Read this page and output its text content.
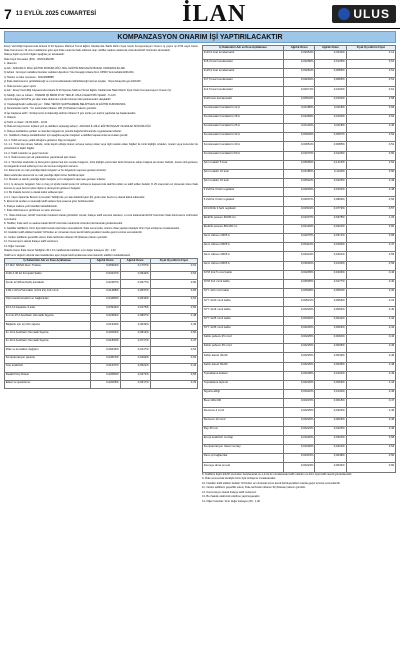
7 13 EYLÜL 2025 CUMARTESİ	İLAN	ULUS
KOMPANZASYON ONARIM İŞİ YAPTIRILACAKTIR

Enerji Verimliliği Kapsamında Ankara İli 29 Species Mahmut Temel Eğitim Okullarında Talebi Rehin Fiyat Usulü Kompanzasyon Onarım İş yapım işi 4734 sayılı Kamu İhale Kanununun 19 uncu maddesine göre açık ihale usulü ile ihale edilecek olup, teklifler sadece elektronik ortamda EKAP üzerinden alınacaktır.

İhaleye ilişkin ayrıntılı bilgiler aşağıda yer almaktadır:

İhale Kayıt Numarası (İKN) : 2025/1482208

1- İdarenin

a) Adı : ANKARA İL MİLLİ EĞİTİM MÜDÜRLÜĞÜ- MİLLİ EĞİTİM BAKANLIĞI BAKAN YARDIMCILIKLARI

b) Adresi : Emniyet mahallesi Gazeler caddesi Hipodrom Yolu Kavşağı Ankara No:1 06560 Yenimahalle/ANKARA

c) Telefon ve faks numarası : 03122068888

ç) İhale dokümanının görülebileceği ve e-imza kullanılarak indirilebileceği internet sayfası : https://ekap.kik.gov.tr/EKAP/

2- İhale konusu yapım işinin

a) Adı : Enerji Verimliliği Kapsamında Ankara İli 29 Species Mahmut Temel Eğitim Okullarında Talebi Rehin Fiyat Usulü Kompanzasyon Onarım İşi

b) Niteliği, türü ve miktarı : ÖNARIM İŞİ BİRİM FİYAT TEKLİF USULÜ ELEKTRİK İŞLERİ - % 100

Ayrıntılı bilgiye EKAP'ta yer alan ihale dokümanı içinde bulunan idari şartnameden ulaşılabilir.

c) Yapılacağı/teslim edileceği yer : ÖZEL TEKNİK ŞARTNAMEDE BELİRTİLEN 42 EĞİTİM KURUMUNDA

ç) Süresi/teslim tarihi : Yer tesliminden itibaren 180 (YüzSeksen) takvim günüdür.

d) İşe başlama tarihi : Sözleşmenin imzalandığı tarihten itibaren 5 gün içinde yer teslimi yapılarak işe başlanacaktır.

3- İhalenin

a) Tarihi ve Saati : 29.09.2025 - 10:00

b) İhale komisyonunun toplantı yeri (e-tekliflerin açılacağı adres) : ANKARA İL MİLLİ EĞİTİM İNŞAAT VE EMLAK MÜDÜRLÜĞÜ

4- İhaleye katılabilme şartları ve istenilen belgeler ile yeterlik değerlendirmesinde uygulanacak kriterler:

4.1. İsteklilerin ihaleye katılabilmeleri için aşağıda sayılan belgeleri e-teklifleri kapsamında sunmaları gerekir:

4.1.1. Teklif vermeye yetkili olduğunu gösteren bilgi ve belgeler;

4.1.1.1. Tüzel kişi olması halinde, sicile kayıtlı olduğu ticaret ve/veya sanayi odası veya ilgili meslek odası bilgileri ile tüzel kişiliğin ortakları, üyeleri veya kurucuları ile yöneticilerine ilişkin bilgiler

4.1.2. Teklif mektubu ve geçici teminat.

4.1.3. İhale konusu işte alt yüklenicilere yaptırılacak işler listesi.

4.1.4. Tüzel kişi tarafından iş deneyimini göstermek için sunulan belgenin, tüzel kişiliğin yarısından fazla hissesine sahip ortağına ait olması halinde, ticaret sicil gazetesi, bu belgelerle tevsik edilemiyor ise söz konusu belgelerin tamamı.

4.2. Ekonomik ve mali yeterliğe ilişkin belgeler ve bu belgelerin taşıması gereken kriterler:

İdare tarafından ekonomik ve mali yeterliğe ilişkin kriter belirtilmemiştir.

4.3. Mesleki ve teknik yeterliğe ilişkin belgeler ve bu belgelerin taşıması gereken kriterler:

4.3.1. İş deneyim belgeleri: Son on beş yıl içinde bedel içeren bir sözleşme kapsamında taahhüt edilen ve teklif edilen bedelin % 25 oranından az olmamak üzere ihale konusu iş veya benzer işlere ilişkin iş deneyimini gösteren belgeler.

4.4. Bu ihalede benzer iş olarak kabul edilecek işler:

4.4.1. Yapım İşlerinde Benzer İş Grupları Tebliği'nde yer alan Elektrik İşleri (D) grubu işler benzer iş olarak kabul edilecektir.

5. Ekonomik açıdan en avantajlı teklif sadece fiyat esasına göre belirlenecektir.

6. İhaleye sadece yerli istekliler katılabilecektir.

7. İhale dokümanının görülmesi ve satın alınması:

7.1. İhale dokümanı, EKAP üzerinden bedelsiz olarak görülebilir. Ancak, ihaleye teklif verecek olanların, e-imza kullanarak EKAP üzerinden ihale dokümanını indirmeleri zorunludur.

8. Teklifler, ihale tarih ve saatine kadar EKAP üzerinden elektronik ortamda hazırlanarak gönderilecektir.

9. İstekliler tekliflerini, birim fiyat teklif cetveli üzerinden vereceklerdir. İhale sonucunda, üzerine ihale yapılan istekliyle birim fiyat sözleşme imzalanacaktır.

10. İstekliler teklif ettikleri bedelin %3'ünden az olmamak üzere kendi belirleyecekleri tutarda geçici teminat vereceklerdir.

11. Verilen tekliflerin geçerlilik süresi, ihale tarihinden itibaren 90 (Doksan) takvim günüdür.

12. Konsorsiyum olarak ihaleye teklif verilemez.

13. Diğer hususlar:

İhalede Kamu İhale Genel Tebliğinin 45.1.13 maddesinde belirtilen sınır değer katsayısı (R) : 1,00

Teklifi sınır değerin altında olan isteklilerden aşırı düşük teklif açıklaması istenmeksizin teklifleri reddedilecektir.

İş Kaleminin Adı ve Kısa Açıklaması	Ağırlık Oranı	Ağırlık Oranı	Fiyat Oyu Birim Fiyat
17-3kV, 600VA Akım Trafosu	0,06992%	0,1707%	0,51
2x20 A 40 kA Kompakt Şalter	0,03447%	0,0942%	0,54
Konik 12 (Rheinhold) kontaktör	0,02487%	0,0977%	0,50
3,80-1,00 kV'luk kablo (0,6/1 kV) 4x6 mm2	0,01488%	0,0537%	0,65
Ölçü transformatörü ve bağlantıları	0,04480%	0,0643%	0,54
16 A 'lık kapasite 3 adet	0,03944%	0,1075%	0,50
4x Isık 25 A Anahtarlı Otomatik Sigorta	0,02384%	0,0807%	0,48
Bağlantı için üç fazlı sigorta	0,01940%	0,0633%	0,46
4x 10 A Anahtarlı Otomatik Sigorta	0,02094%	0,0813%	0,50
4x 40 A Anahtarlı Otomatik Sigorta	0,01830%	0,0717%	0,47
Röle ve kontaktör değişimi	0,06645%	0,1017%	0,54
Kompanzasyon panosu	0,04510%	0,0463%	0,62
Güç analizörü	0,01547%	0,0521%	0,44
Reaktif Güç Rölesi	0,02080%	0,0471%	0,55
Etiket ve işaretleme	0,02095%	0,0617%	0,33
İş Kaleminin Adı ve Kısa Açıklaması	Ağırlık Oranı	Ağırlık Oranı	Fiyat Oyu Birim Fiyat
3x10,0 kvar kondansatör	0,02654%	0,3240%	3,12
3x5,0 kvar kondansatör	0,00268%	0,0135%	0,51
3x15,0 kvar kondansatör	0,00281%	0,0085%	0,51
3x7,5 kvar kondansatör	0,00294%	0,0085%	0,51
3x2,5 kvar kondansatör	0,00271%	0,0130%	0,61
3x20 kvar kondansatör	0,00524%	0,0130%	0,58
Kondansatör kontaktörü 12 A	0,01185%	0,0118%	0,66
Kondansatör kontaktörü 18 A	0,01069%	0,0130%	0,52
Kondansatör kontaktörü 25 A	0,01102%	0,0118%	0,46
Kondansatör kontaktörü 32 A	0,00929%	0,0087%	0,52
Kondansatör kontaktörü 40 A	0,00951%	0,0085%	0,51
Kondansatör kontaktörü 50 A	0,01070%	0,0126%	0,50
Şönt reaktör 5 kvar	0,06665%	0,1215%	0,52
Şönt reaktör 10 kvar	0,03185%	0,1130%	0,50
Şönt reaktör 15 kvar	0,00522%	0,0126%	0,49
3 kVA'lık 3 fazlı regülatör	0,00294%	0,0163%	0,48
5 kVA'lık 3 fazlı regülatör	0,02507%	0,0806%	0,56
10 kVA'lık 3 fazlı regülatör	0,02501%	0,0779%	0,57
Elektrik panosu 60x80 cm	0,01037%	0,0378%	1,33
Elektrik panosu 80x100 cm	0,02120%	0,0220%	0,60
Akım trafosu 100/5 A	0,02075%	0,0371%	0,95
Akım trafosu 200/5 A	0,00421%	0,0160%	0,47
Akım trafosu 400/5 A	0,02024%	0,0201%	0,56
Akım trafosu 600/5 A	0,03040%	0,1030%	0,56
NYM 3x2,5 mm2 kablo	0,00295%	0,0206%	0,46
NYM 3x4 mm2 kablo	0,00505%	0,0177%	0,40
NYY 4x6 mm2 kablo	0,00528%	0,0050%	0,30
NYY 4x10 mm2 kablo	0,00521%	0,0056%	0,31
NYY 4x16 mm2 kablo	0,00226%	0,0054%	0,40
NYY 4x25 mm2 kablo	0,00346%	0,0042%	0,42
NYY 4x35 mm2 kablo	0,00246%	0,0063%	0,42
Kablo pabucu 25 mm2	0,00225%	0,0094%	0,43
Kablo pabucu 35 mm2	0,00225%	0,0095%	0,46
Kablo kanalı 40x40	0,00225%	0,0049%	0,46
Kablo kanalı 60x60	0,00226%	0,0035%	0,48
Topraklama iletkeni	0,00228%	0,0124%	0,49
Topraklama ölçümü	0,00226%	0,0059%	0,44
Sigorta altlığı	0,00322%	0,0140%	0,46
Buat 100x100	0,00215%	0,0018%	0,47
Klemens 4 mm2	0,00225%	0,0226%	0,46
Klemens 10 mm2	0,00226%	0,0026%	0,46
Ray 35 mm	0,00224%	0,0126%	0,46
Enerji analizörü montajı	0,01020%	0,0320%	0,58
Kompanzasyon rölesi montajı	0,01092%	0,0223%	0,54
Pano içi bağlantılar	0,00315%	0,0048%	0,50
Devreye alma ve test	0,00224%	0,0034%	0,60

8- Tekliflere ilişkin EKAP üzerinden hazırlanacak ve e-imza ile imzalanacak teklif mektubu ve birim fiyat teklif cetveli gönderilecektir.

9- İhale sonucunda istekliyle birim fiyat sözleşme imzalanacaktır.

10- İstekliler teklif ettikleri bedelin %3'ünden az olmamak üzere kendi belirleyecekleri tutarda geçici teminat vereceklerdir.

11- Verilen tekliflerin geçerlilik süresi, ihale tarihinden itibaren 90 (Doksan) takvim günüdür.

12- Konsorsiyum olarak ihaleye teklif verilemez.

13- Bu ihalede elektronik eksiltme yapılmayacaktır.

14- Diğer hususlar: Sınır değer katsayısı (R) : 1,00
